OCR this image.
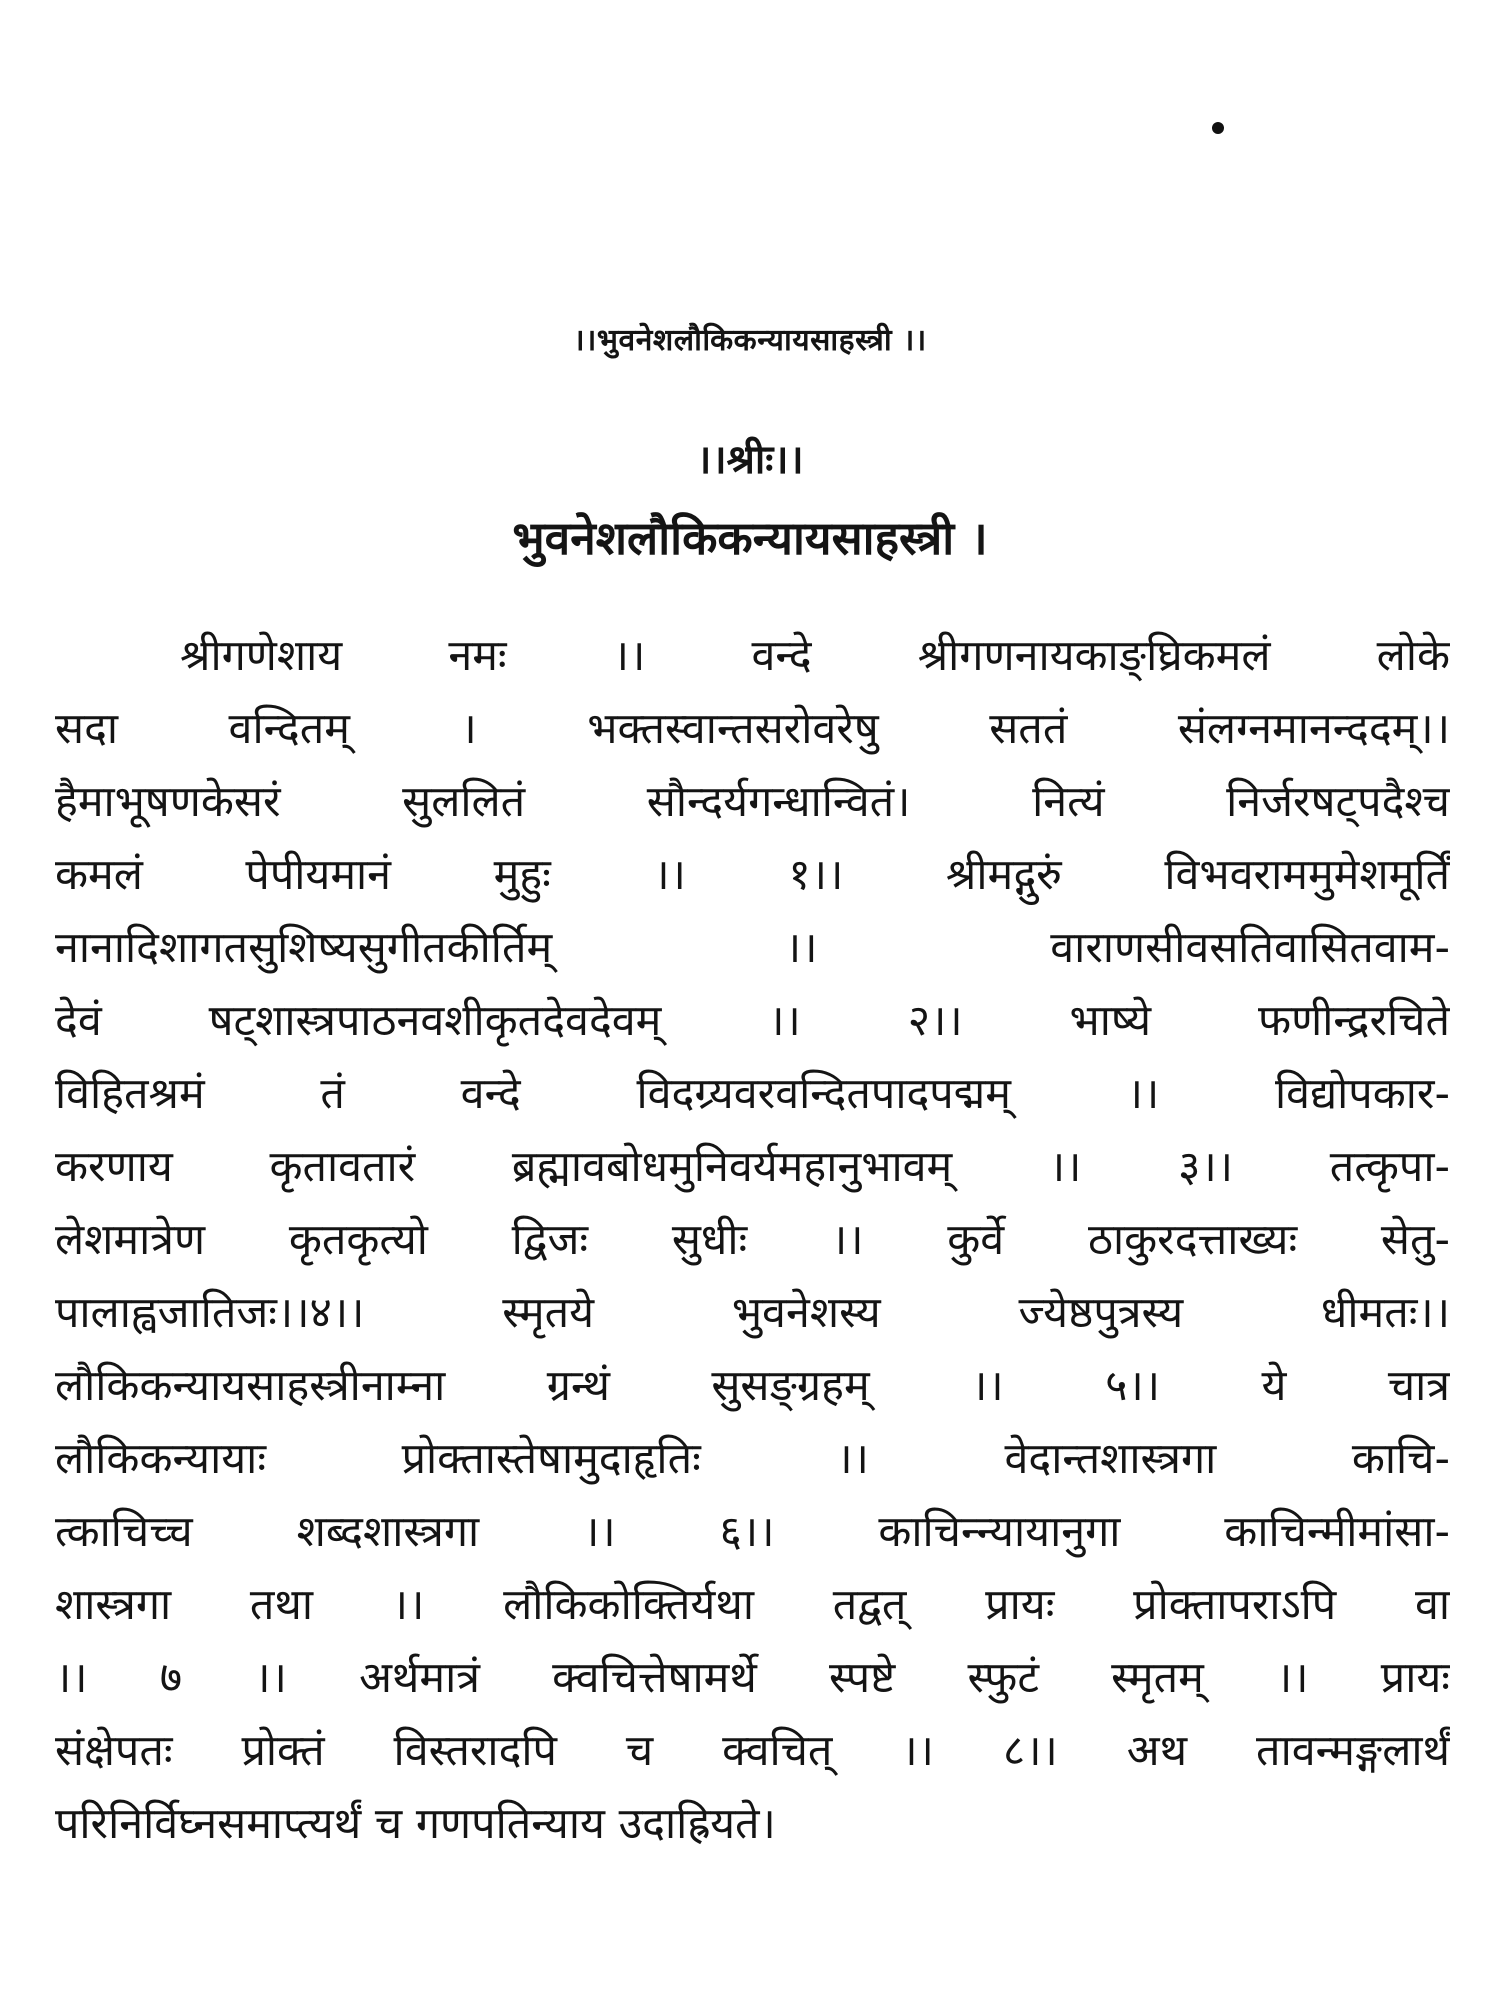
।।भुवनेशलौकिकन्यायसाहस्त्री ।।
।।श्रीः।।
भुवनेशलौकिकन्यायसाहस्त्री ।
श्रीगणेशाय नमः ।। वन्दे श्रीगणनायकाङ्घ्रिकमलं लोके
सदा वन्दितम् । भक्तस्वान्तसरोवरेषु सततं संलग्नमानन्ददम्।।
हैमाभूषणकेसरं सुललितं सौन्दर्यगन्धान्वितं। नित्यं निर्जरषट्पदैश्च
कमलं पेपीयमानं मुहुः ।। १।। श्रीमद्गुरुं विभवराममुमेशमूर्तिं
नानादिशागतसुशिष्यसुगीतकीर्तिम् ।। वाराणसीवसतिवासितवाम-
देवं षट्शास्त्रपाठनवशीकृतदेवदेवम् ।। २।। भाष्ये फणीन्द्ररचिते
विहितश्रमं तं वन्दे विदग्र्यवरवन्दितपादपद्मम् ।। विद्योपकार-
करणाय कृतावतारं ब्रह्मावबोधमुनिवर्यमहानुभावम् ।। ३।। तत्कृपा-
लेशमात्रेण कृतकृत्यो द्विजः सुधीः ।। कुर्वे ठाकुरदत्ताख्यः सेतु-
पालाह्वजातिजः।।४।। स्मृतये भुवनेशस्य ज्येष्ठपुत्रस्य धीमतः।।
लौकिकन्यायसाहस्त्रीनाम्ना ग्रन्थं सुसङ्ग्रहम् ।। ५।। ये चात्र
लौकिकन्यायाः प्रोक्तास्तेषामुदाहृतिः ।। वेदान्तशास्त्रगा काचि-
त्काचिच्च शब्दशास्त्रगा ।। ६।। काचिन्न्यायानुगा काचिन्मीमांसा-
शास्त्रगा तथा ।। लौकिकोक्तिर्यथा तद्वत् प्रायः प्रोक्तापराऽपि वा
।। ७ ।। अर्थमात्रं क्वचित्तेषामर्थे स्पष्टे स्फुटं स्मृतम् ।। प्रायः
संक्षेपतः प्रोक्तं विस्तरादपि च क्वचित् ।। ८।। अथ तावन्मङ्गलार्थं
परिनिर्विघ्नसमाप्त्यर्थं च गणपतिन्याय उदाह्रियते।
